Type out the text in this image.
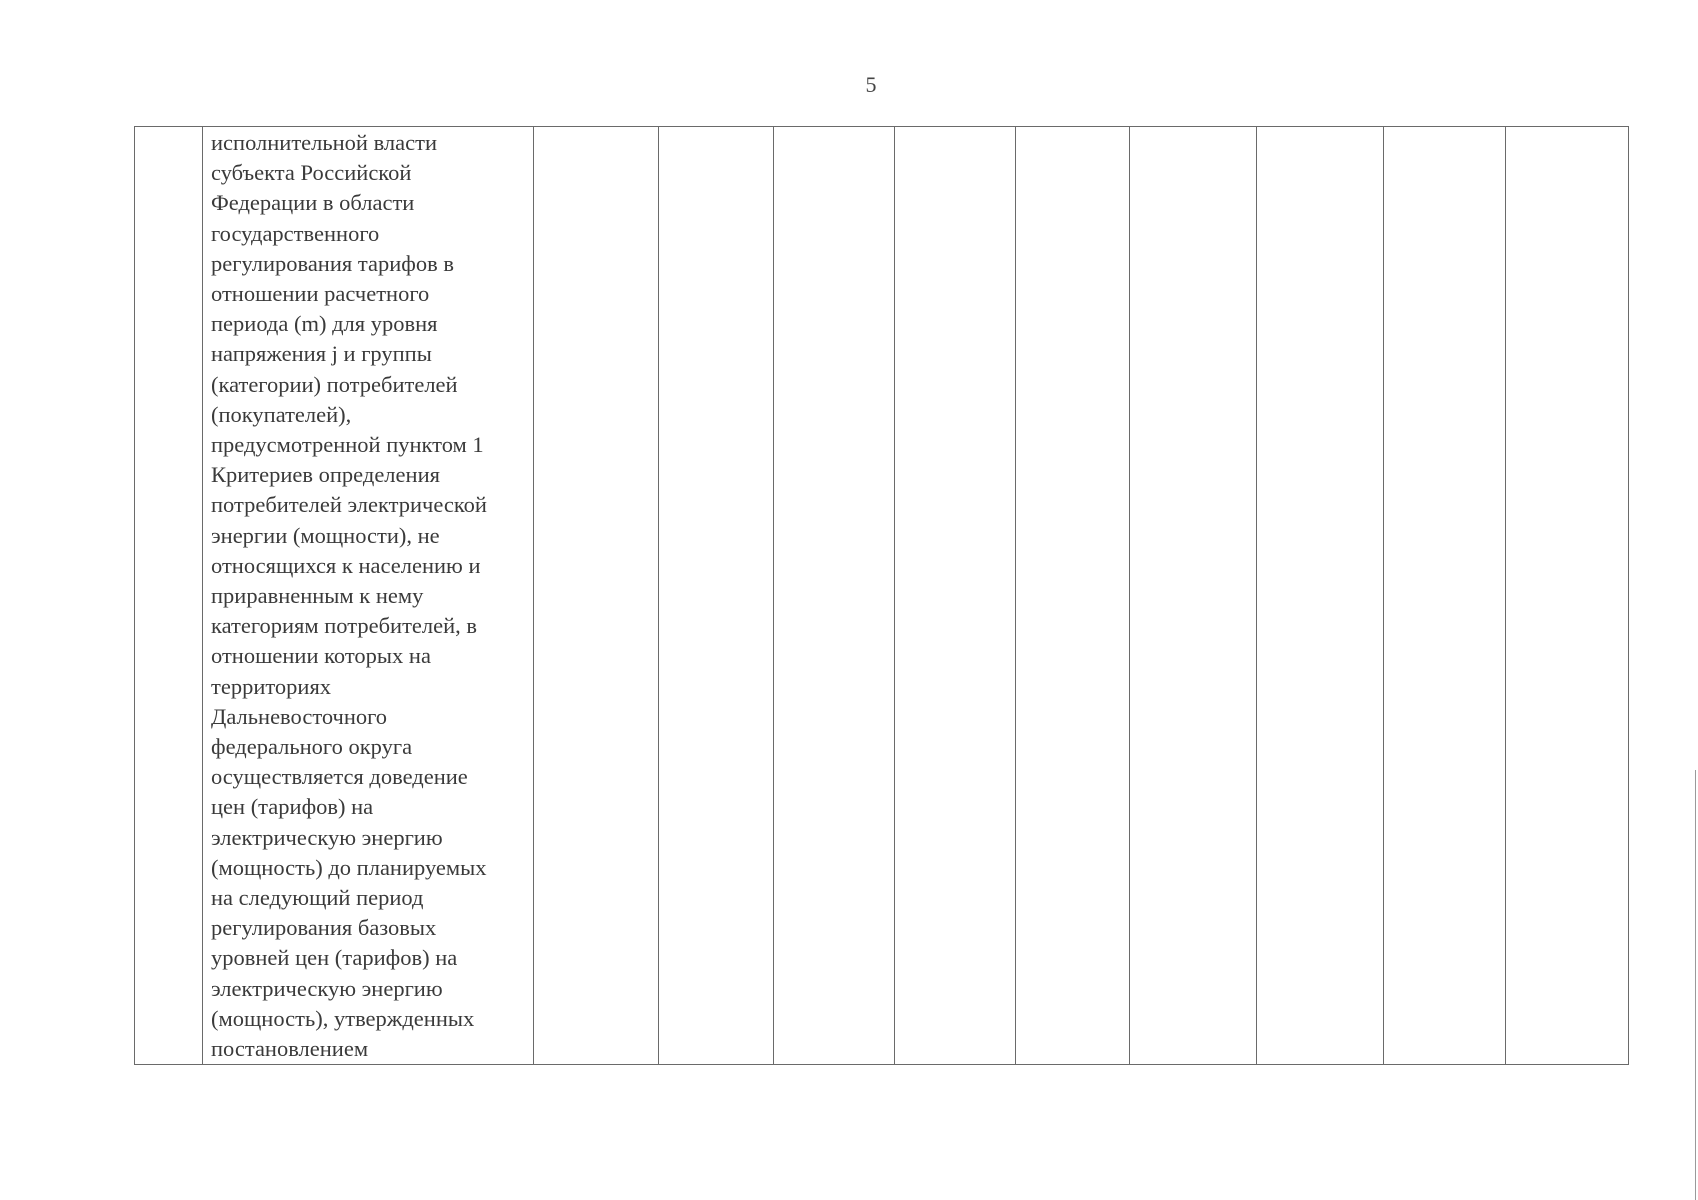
5

исполнительной власти
субъекта Российской
Федерации в области
государственного
регулирования тарифов в
отношении расчетного
периода (m) для уровня
напряжения j и группы
(категории) потребителей
(покупателей),
предусмотренной пунктом 1
Критериев определения
потребителей электрической
энергии (мощности), не
относящихся к населению и
приравненным к нему
категориям потребителей, в
отношении которых на
территориях
Дальневосточного
федерального округа
осуществляется доведение
цен (тарифов) на
электрическую энергию
(мощность) до планируемых
на следующий период
регулирования базовых
уровней цен (тарифов) на
электрическую энергию
(мощность), утвержденных
постановлением
